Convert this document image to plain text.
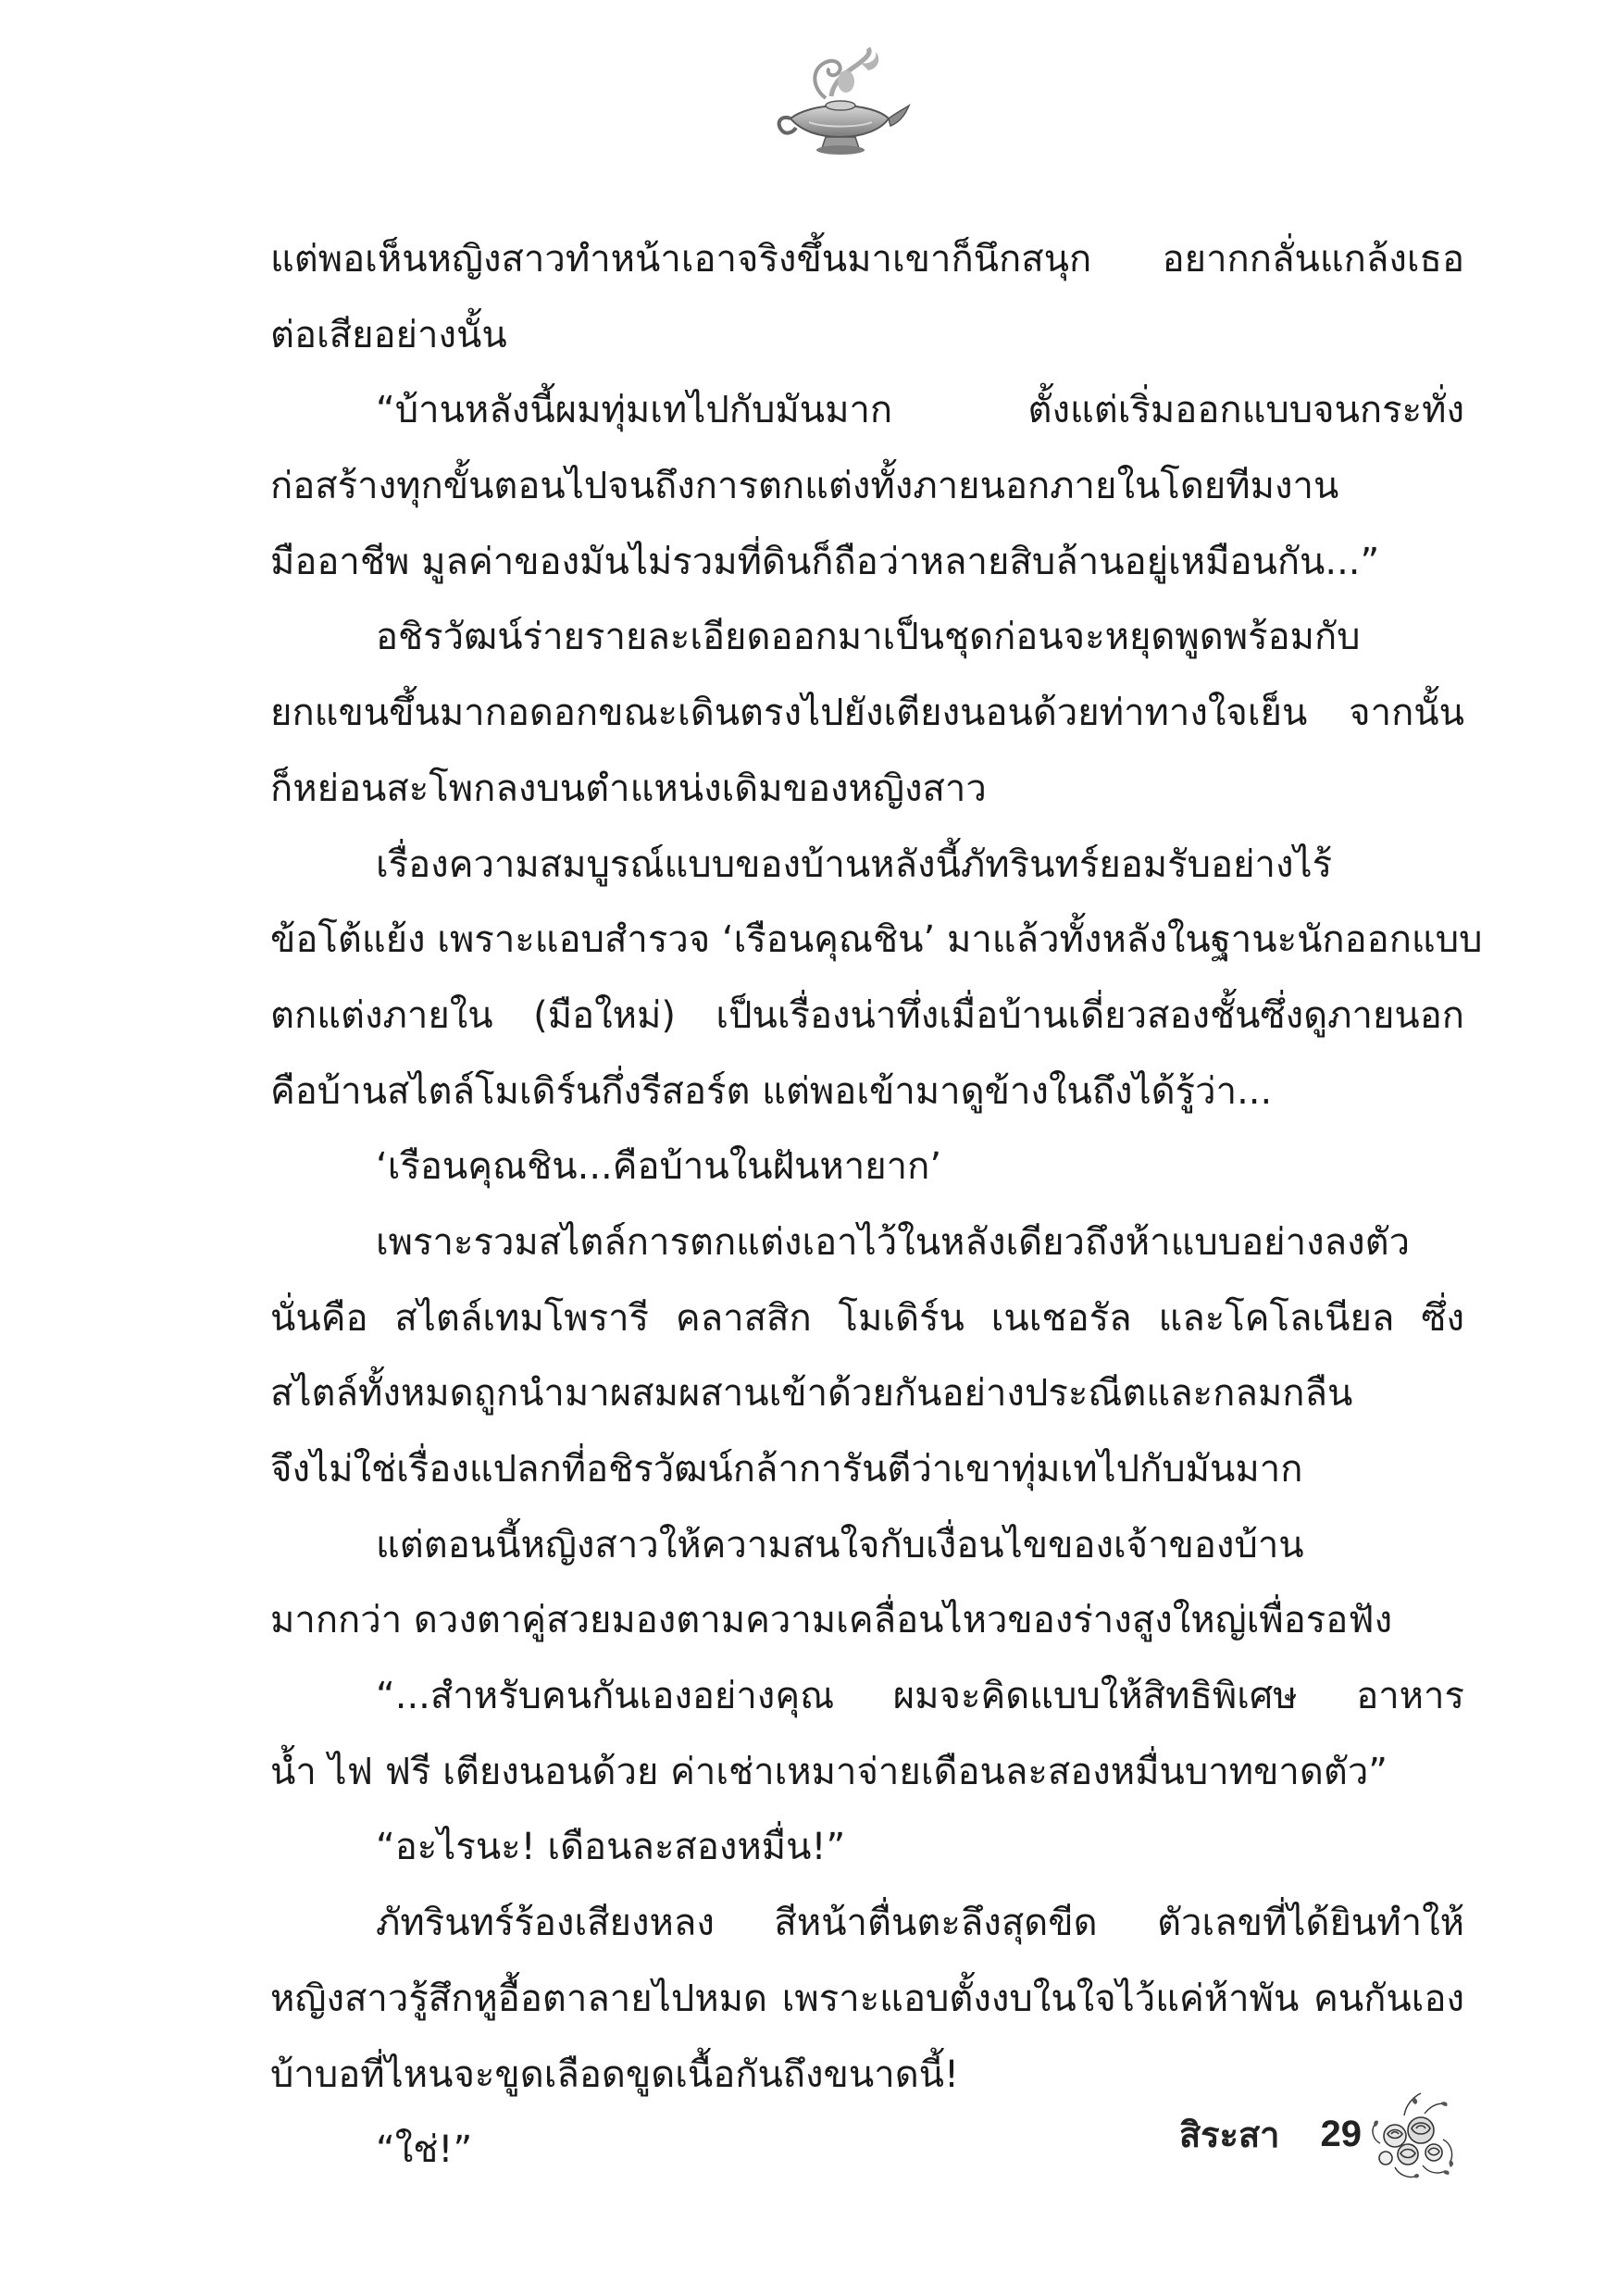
แต่พอเห็นหญิงสาวทำหน้าเอาจริงขึ้นมาเขาก็นึกสนุก อยากกลั่นแกล้งเธอ
ต่อเสียอย่างนั้น
“บ้านหลังนี้ผมทุ่มเทไปกับมันมาก ตั้งแต่เริ่มออกแบบจนกระทั่ง
ก่อสร้างทุกขั้นตอนไปจนถึงการตกแต่งทั้งภายนอกภายในโดยทีมงาน
มืออาชีพ มูลค่าของมันไม่รวมที่ดินก็ถือว่าหลายสิบล้านอยู่เหมือนกัน...”
อชิรวัฒน์ร่ายรายละเอียดออกมาเป็นชุดก่อนจะหยุดพูดพร้อมกับ
ยกแขนขึ้นมากอดอกขณะเดินตรงไปยังเตียงนอนด้วยท่าทางใจเย็น จากนั้น
ก็หย่อนสะโพกลงบนตำแหน่งเดิมของหญิงสาว
เรื่องความสมบูรณ์แบบของบ้านหลังนี้ภัทรินทร์ยอมรับอย่างไร้
ข้อโต้แย้ง เพราะแอบสำรวจ ‘เรือนคุณชิน’ มาแล้วทั้งหลังในฐานะนักออกแบบ
ตกแต่งภายใน (มือใหม่) เป็นเรื่องน่าทึ่งเมื่อบ้านเดี่ยวสองชั้นซึ่งดูภายนอก
คือบ้านสไตล์โมเดิร์นกึ่งรีสอร์ต แต่พอเข้ามาดูข้างในถึงได้รู้ว่า...
‘เรือนคุณชิน...คือบ้านในฝันหายาก’
เพราะรวมสไตล์การตกแต่งเอาไว้ในหลังเดียวถึงห้าแบบอย่างลงตัว
นั่นคือ สไตล์เทมโพรารี คลาสสิก โมเดิร์น เนเชอรัล และโคโลเนียล ซึ่ง
สไตล์ทั้งหมดถูกนำมาผสมผสานเข้าด้วยกันอย่างประณีตและกลมกลืน
จึงไม่ใช่เรื่องแปลกที่อชิรวัฒน์กล้าการันตีว่าเขาทุ่มเทไปกับมันมาก
แต่ตอนนี้หญิงสาวให้ความสนใจกับเงื่อนไขของเจ้าของบ้าน
มากกว่า ดวงตาคู่สวยมองตามความเคลื่อนไหวของร่างสูงใหญ่เพื่อรอฟัง
“...สำหรับคนกันเองอย่างคุณ ผมจะคิดแบบให้สิทธิพิเศษ อาหาร
น้ำ ไฟ ฟรี เตียงนอนด้วย ค่าเช่าเหมาจ่ายเดือนละสองหมื่นบาทขาดตัว”
“อะไรนะ! เดือนละสองหมื่น!”
ภัทรินทร์ร้องเสียงหลง สีหน้าตื่นตะลึงสุดขีด ตัวเลขที่ได้ยินทำให้
หญิงสาวรู้สึกหูอื้อตาลายไปหมด เพราะแอบตั้งงบในใจไว้แค่ห้าพัน คนกันเอง
บ้าบอที่ไหนจะขูดเลือดขูดเนื้อกันถึงขนาดนี้!
“ใช่!”	สิระสา 29
